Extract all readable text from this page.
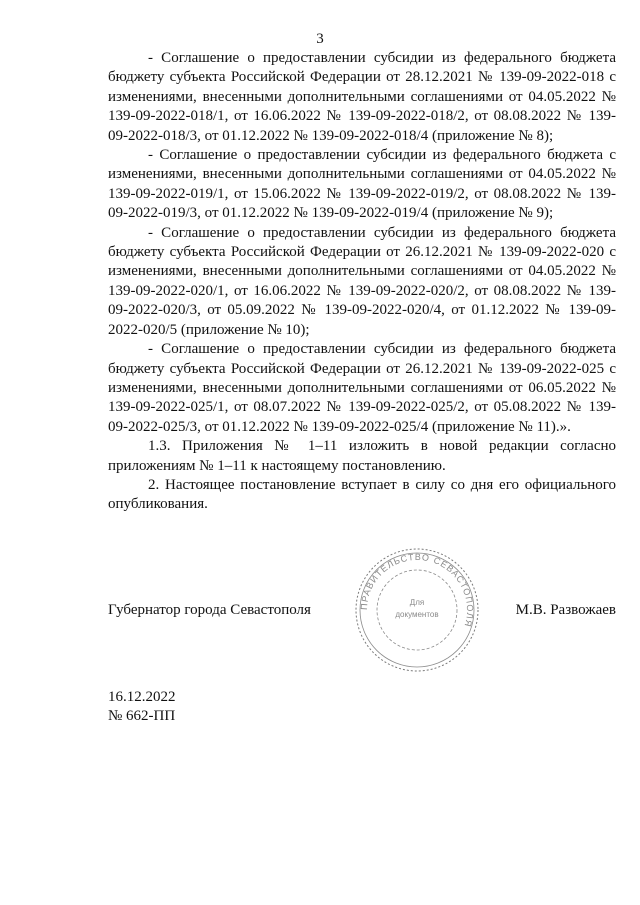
3

- Соглашение о предоставлении субсидии из федерального бюджета бюджету субъекта Российской Федерации от 28.12.2021 № 139-09-2022-018 с изменениями, внесенными дополнительными соглашениями от 04.05.2022 № 139-09-2022-018/1, от 16.06.2022 № 139-09-2022-018/2, от 08.08.2022 № 139-09-2022-018/3, от 01.12.2022 № 139-09-2022-018/4 (приложение № 8);

- Соглашение о предоставлении субсидии из федерального бюджета с изменениями, внесенными дополнительными соглашениями от 04.05.2022 № 139-09-2022-019/1, от 15.06.2022 № 139-09-2022-019/2, от 08.08.2022 № 139-09-2022-019/3, от 01.12.2022 № 139-09-2022-019/4 (приложение № 9);

- Соглашение о предоставлении субсидии из федерального бюджета бюджету субъекта Российской Федерации от 26.12.2021 № 139-09-2022-020 с изменениями, внесенными дополнительными соглашениями от 04.05.2022 № 139-09-2022-020/1, от 16.06.2022 № 139-09-2022-020/2, от 08.08.2022 № 139-09-2022-020/3, от 05.09.2022 № 139-09-2022-020/4, от 01.12.2022 № 139-09-2022-020/5 (приложение № 10);

- Соглашение о предоставлении субсидии из федерального бюджета бюджету субъекта Российской Федерации от 26.12.2021 № 139-09-2022-025 с изменениями, внесенными дополнительными соглашениями от 06.05.2022 № 139-09-2022-025/1, от 08.07.2022 № 139-09-2022-025/2, от 05.08.2022 № 139-09-2022-025/3, от 01.12.2022 № 139-09-2022-025/4 (приложение № 11).».

1.3. Приложения № 1–11 изложить в новой редакции согласно приложениям № 1–11 к настоящему постановлению.

2. Настоящее постановление вступает в силу со дня его официального опубликования.

Губернатор города Севастополя	М.В. Развожаев
ПРАВИТЕЛЬСТВО СЕВАСТОПОЛЯ
Для
документов
16.12.2022
№ 662-ПП
